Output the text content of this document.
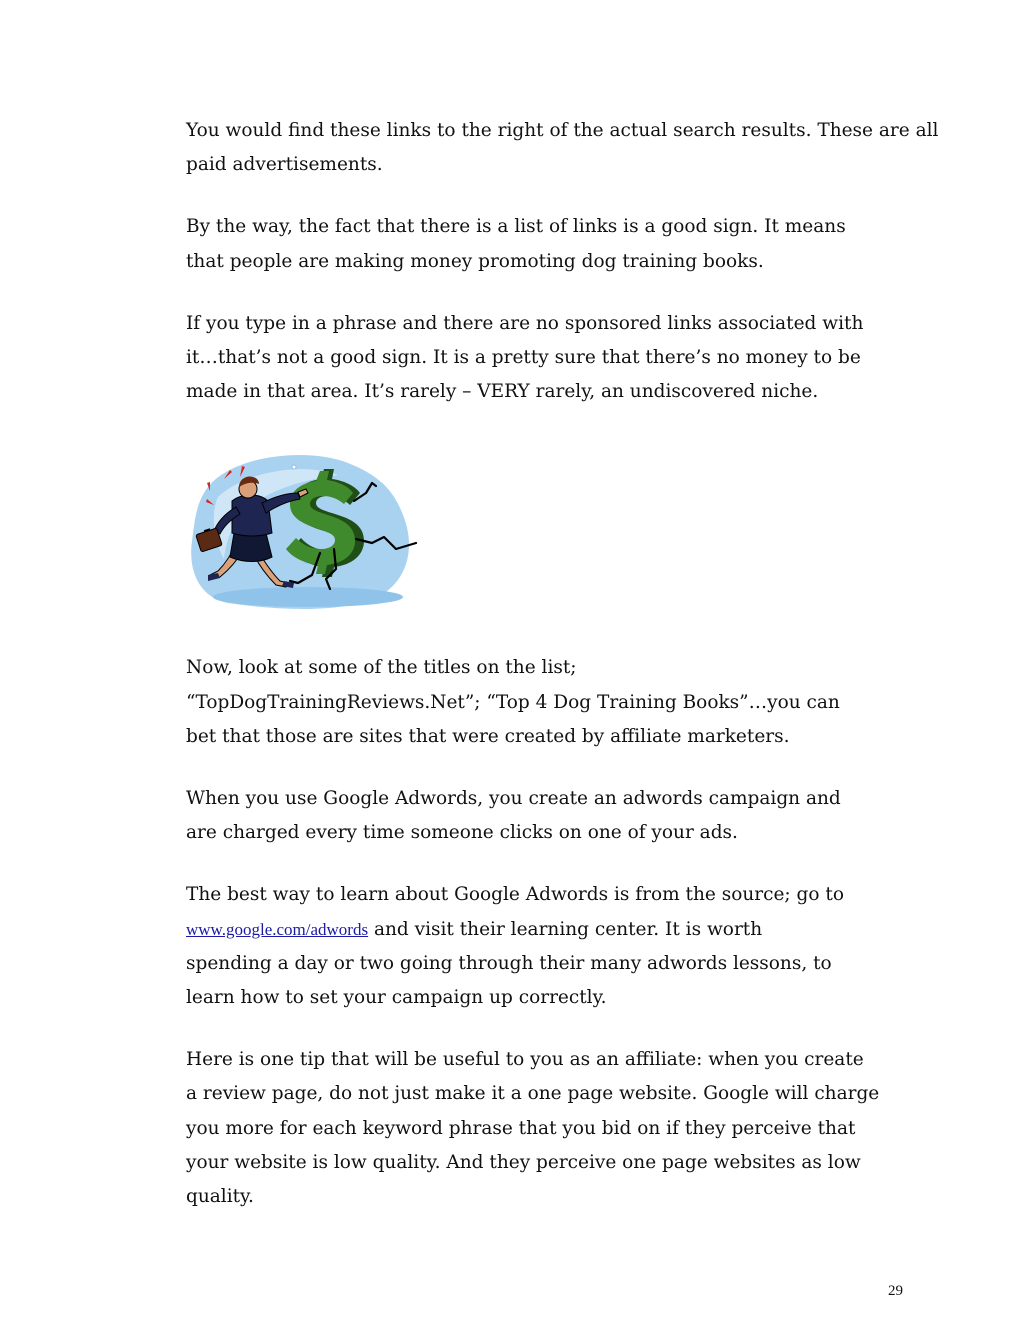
You would find these links to the right of the actual search results. These are all
paid advertisements.

By the way, the fact that there is a list of links is a good sign. It means
that people are making money promoting dog training books.

If you type in a phrase and there are no sponsored links associated with
it…that’s not a good sign. It is a pretty sure that there’s no money to be
made in that area. It’s rarely – VERY rarely, an undiscovered niche.

Now, look at some of the titles on the list;
“TopDogTrainingReviews.Net”; “Top 4 Dog Training Books”…you can
bet that those are sites that were created by affiliate marketers.

When you use Google Adwords, you create an adwords campaign and
are charged every time someone clicks on one of your ads.

The best way to learn about Google Adwords is from the source; go to
www.google.com/adwords and visit their learning center. It is worth
spending a day or two going through their many adwords lessons, to
learn how to set your campaign up correctly.

Here is one tip that will be useful to you as an affiliate: when you create
a review page, do not just make it a one page website. Google will charge
you more for each keyword phrase that you bid on if they perceive that
your website is low quality. And they perceive one page websites as low
quality.

29
